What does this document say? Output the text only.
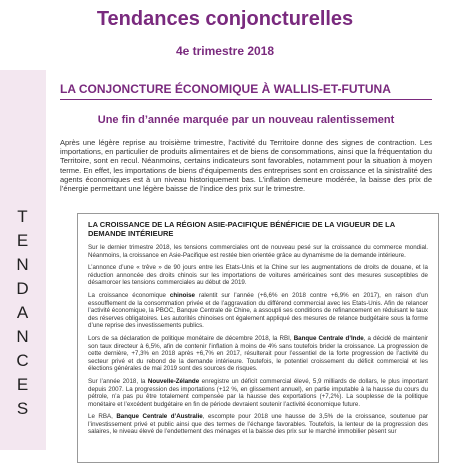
Tendances conjoncturelles
4e trimestre 2018
T
E
N
D
A
N
C
E
S
LA CONJONCTURE ÉCONOMIQUE À WALLIS-ET-FUTUNA
Une fin d’année marquée par un nouveau ralentissement
Après une légère reprise au troisième trimestre, l’activité du Territoire donne des signes de contraction. Les importations, en particulier de produits alimentaires et de biens de consommations, ainsi que la fréquentation du Territoire, sont en recul. Néanmoins, certains indicateurs sont favorables, notamment pour la situation à moyen terme. En effet, les importations de biens d’équipements des entreprises sont en croissance et la sinistralité des agents économiques est à un niveau historiquement bas. L’inflation demeure modérée, la baisse des prix de l’énergie permettant une légère baisse de l’indice des prix sur le trimestre.
LA CROISSANCE DE LA RÉGION ASIE-PACIFIQUE BÉNÉFICIE DE LA VIGUEUR DE LA DEMANDE INTÉRIEURE
Sur le dernier trimestre 2018, les tensions commerciales ont de nouveau pesé sur la croissance du commerce mondial. Néanmoins, la croissance en Asie-Pacifique est restée bien orientée grâce au dynamisme de la demande intérieure.
L’annonce d’une « trêve » de 90 jours entre les Etats-Unis et la Chine sur les augmentations de droits de douane, et la réduction annoncée des droits chinois sur les importations de voitures américaines sont des mesures susceptibles de désamorcer les tensions commerciales au début de 2019.
La croissance économique chinoise ralentit sur l’année (+6,6% en 2018 contre +6,9% en 2017), en raison d’un essoufflement de la consommation privée et de l’aggravation du différend commercial avec les Etats-Unis. Afin de relancer l’activité économique, la PBOC, Banque Centrale de Chine, a assoupli ses conditions de refinancement en réduisant le taux des réserves obligatoires. Les autorités chinoises ont également appliqué des mesures de relance budgétaire sous la forme d’une reprise des investissements publics.
Lors de sa déclaration de politique monétaire de décembre 2018, la RBI, Banque Centrale d’Inde, a décidé de maintenir son taux directeur à 6,5%, afin de contenir l’inflation à moins de 4% sans toutefois brider la croissance. La progression de cette dernière, +7,3% en 2018 après +6,7% en 2017, résulterait pour l’essentiel de la forte progression de l’activité du secteur privé et du rebond de la demande intérieure. Toutefois, le potentiel croissement du déficit commercial et les élections générales de mai 2019 sont des sources de risques.
Sur l’année 2018, la Nouvelle-Zélande enregistre un déficit commercial élevé, 5,9 milliards de dollars, le plus important depuis 2007. La progression des importations (+12 %, en glissement annuel), en partie imputable à la hausse du cours du pétrole, n’a pas pu être totalement compensée par la hausse des exportations (+7,2%). La souplesse de la politique monétaire et l’excédent budgétaire en fin de période devraient soutenir l’activité économique future.
Le RBA, Banque Centrale d’Australie, escompte pour 2018 une hausse de 3,5% de la croissance, soutenue par l’investissement privé et public ainsi que des termes de l’échange favorables. Toutefois, la lenteur de la progression des salaires, le niveau élevé de l’endettement des ménages et la baisse des prix sur le marché immobilier pèsent sur
